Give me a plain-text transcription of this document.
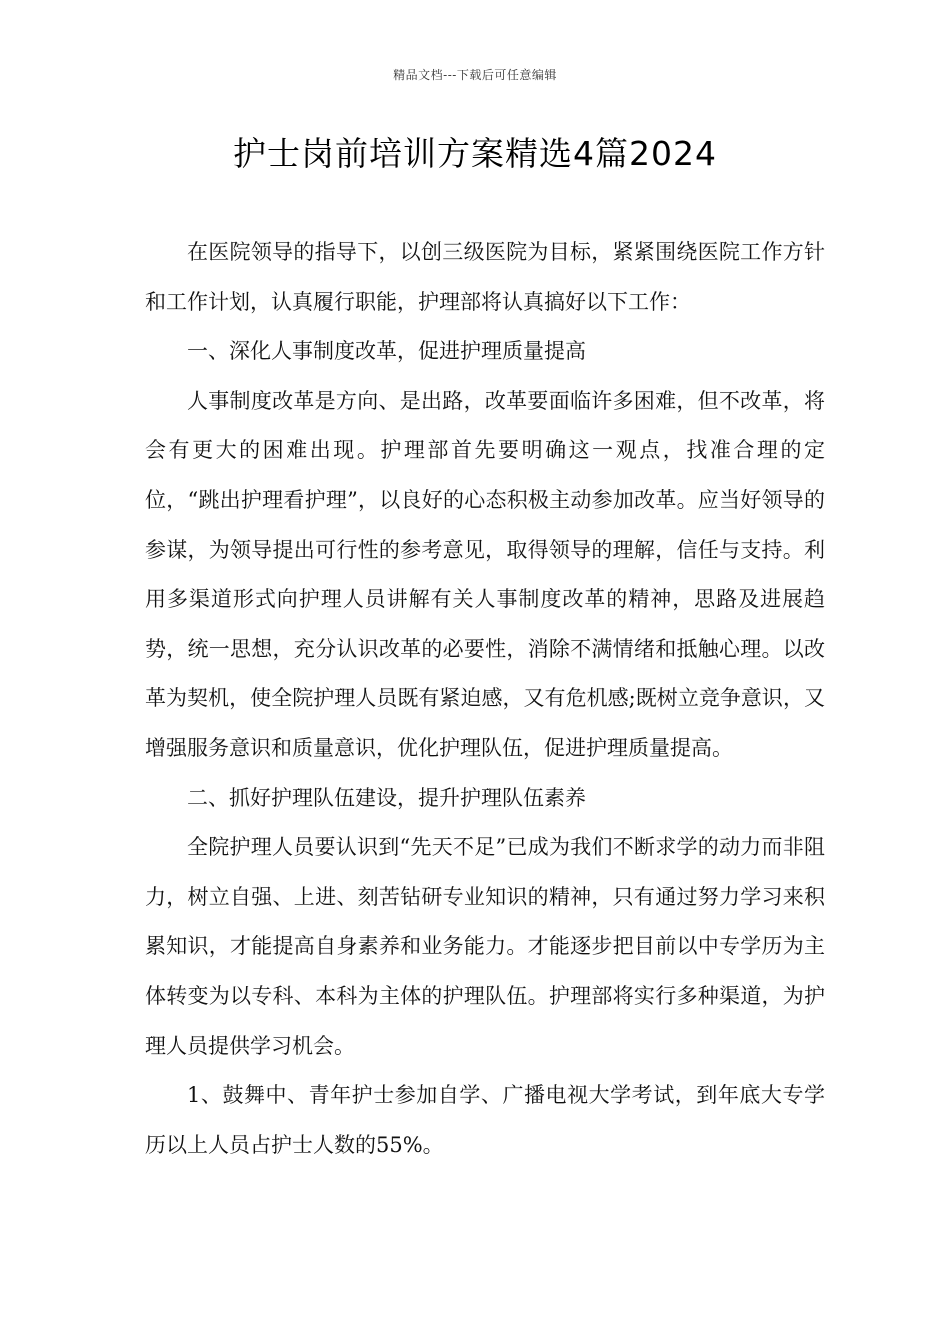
精品文档---下载后可任意编辑
护士岗前培训方案精选4篇2024

在医院领导的指导下，以创三级医院为目标，紧紧围绕医院工作方针和工作计划，认真履行职能，护理部将认真搞好以下工作：

一、深化人事制度改革，促进护理质量提高

人事制度改革是方向、是出路，改革要面临许多困难，但不改革，将会有更大的困难出现。护理部首先要明确这一观点，找准合理的定位，“跳出护理看护理”，以良好的心态积极主动参加改革。应当好领导的参谋，为领导提出可行性的参考意见，取得领导的理解，信任与支持。利用多渠道形式向护理人员讲解有关人事制度改革的精神，思路及进展趋势，统一思想，充分认识改革的必要性，消除不满情绪和抵触心理。以改革为契机，使全院护理人员既有紧迫感，又有危机感;既树立竞争意识，又增强服务意识和质量意识，优化护理队伍，促进护理质量提高。

二、抓好护理队伍建设，提升护理队伍素养

全院护理人员要认识到“先天不足”已成为我们不断求学的动力而非阻力，树立自强、上进、刻苦钻研专业知识的精神，只有通过努力学习来积累知识，才能提高自身素养和业务能力。才能逐步把目前以中专学历为主体转变为以专科、本科为主体的护理队伍。护理部将实行多种渠道，为护理人员提供学习机会。

1、鼓舞中、青年护士参加自学、广播电视大学考试，到年底大专学历以上人员占护士人数的55%。
